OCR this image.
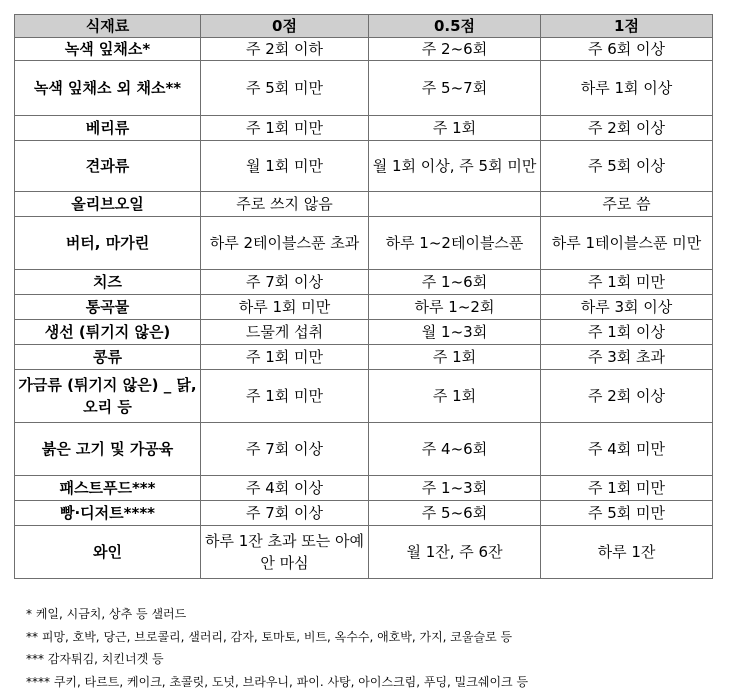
식재료	0점	0.5점	1점
녹색 잎채소*	주 2회 이하	주 2~6회	주 6회 이상
녹색 잎채소 외 채소**	주 5회 미만	주 5~7회	하루 1회 이상
베리류	주 1회 미만	주 1회	주 2회 이상
견과류	월 1회 미만	월 1회 이상, 주 5회 미만	주 5회 이상
올리브오일	주로 쓰지 않음		주로 씀
버터, 마가린	하루 2테이블스푼 초과	하루 1~2테이블스푼	하루 1테이블스푼 미만
치즈	주 7회 이상	주 1~6회	주 1회 미만
통곡물	하루 1회 미만	하루 1~2회	하루 3회 이상
생선 (튀기지 않은)	드물게 섭취	월 1~3회	주 1회 이상
콩류	주 1회 미만	주 1회	주 3회 초과
가금류 (튀기지 않은) _ 닭, 오리 등	주 1회 미만	주 1회	주 2회 이상
붉은 고기 및 가공육	주 7회 이상	주 4~6회	주 4회 미만
패스트푸드***	주 4회 이상	주 1~3회	주 1회 미만
빵·디저트****	주 7회 이상	주 5~6회	주 5회 미만
와인	하루 1잔 초과 또는 아예 안 마심	월 1잔, 주 6잔	하루 1잔
* 케일, 시금치, 상추 등 샐러드
** 피망, 호박, 당근, 브로콜리, 샐러리, 감자, 토마토, 비트, 옥수수, 애호박, 가지, 코울슬로 등
*** 감자튀김, 치킨너겟 등
**** 쿠키, 타르트, 케이크, 초콜릿, 도넛, 브라우니, 파이. 사탕, 아이스크림, 푸딩, 밀크쉐이크 등
